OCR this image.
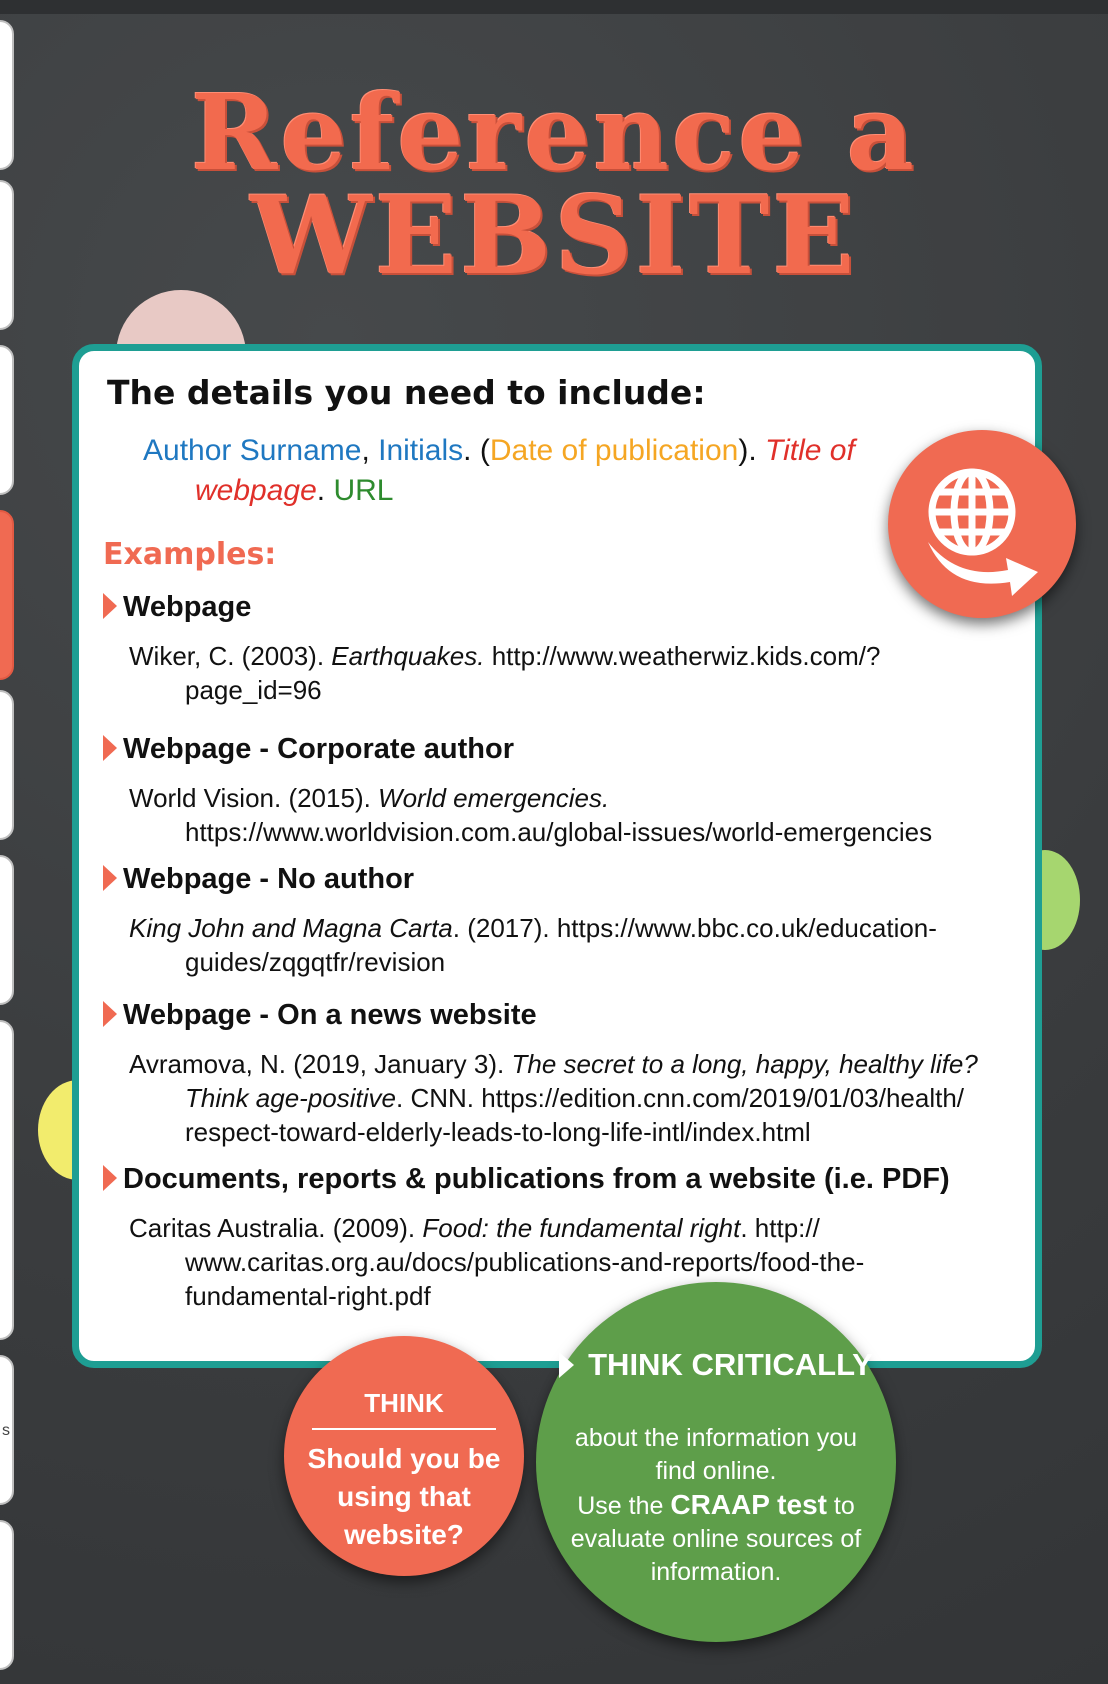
s
Reference a
WEBSITE
The details you need to include:
Author Surname, Initials. (Date of publication). Title of
webpage. URL
Examples:
Webpage
Wiker, C. (2003). Earthquakes. http://www.weatherwiz.kids.com/?
page_id=96
Webpage - Corporate author
World Vision. (2015). World emergencies.
https://www.worldvision.com.au/global-issues/world-emergencies
Webpage - No author
King John and Magna Carta. (2017). https://www.bbc.co.uk/education-
guides/zqgqtfr/revision
Webpage - On a news website
Avramova, N. (2019, January 3). The secret to a long, happy, healthy life?
Think age-positive. CNN. https://edition.cnn.com/2019/01/03/health/
respect-toward-elderly-leads-to-long-life-intl/index.html
Documents, reports & publications from a website (i.e. PDF)
Caritas Australia. (2009). Food: the fundamental right. http://
www.caritas.org.au/docs/publications-and-reports/food-the-
fundamental-right.pdf
THINK
Should you be using that website?
THINK CRITICALLY
about the information you find online.
Use the CRAAP test to evaluate online sources of information.
